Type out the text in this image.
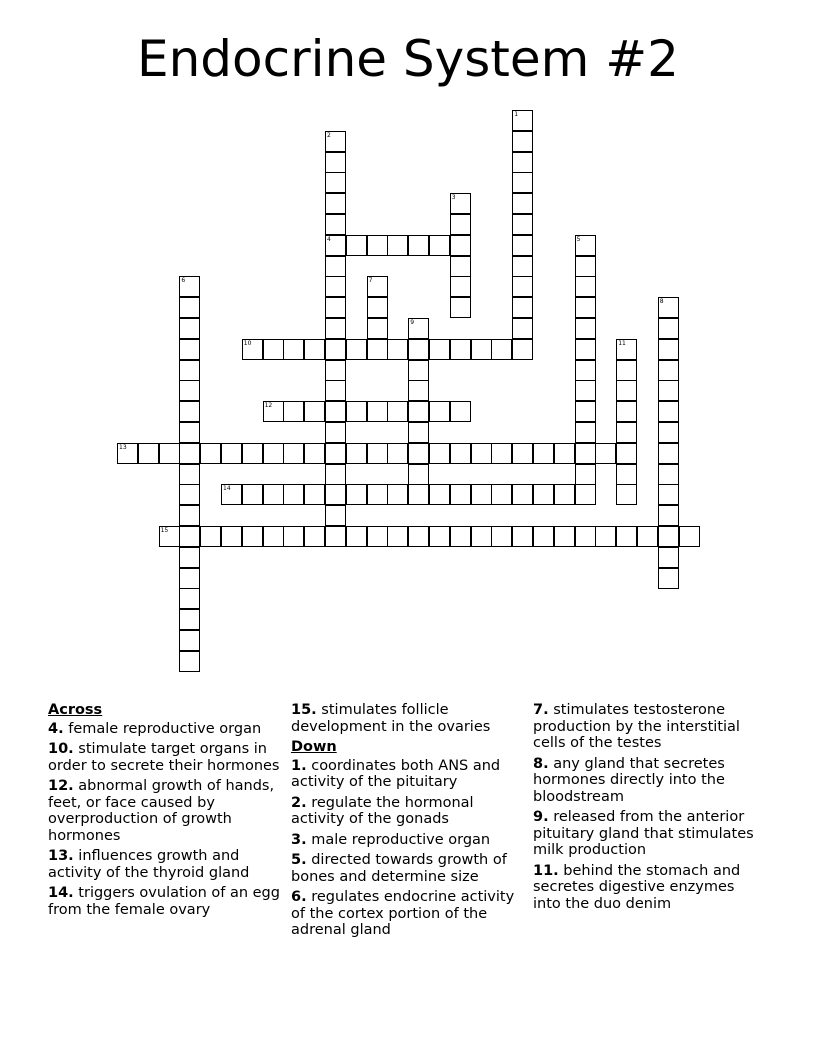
Endocrine System #2
1
2
3
4	5
6	7
8
9
10	11
12
13
14
15
Across
4. female reproductive organ
10. stimulate target organs in order to secrete their hormones
12. abnormal growth of hands, feet, or face caused by overproduction of growth hormones
13. influences growth and activity of the thyroid gland
14. triggers ovulation of an egg from the female ovary
15. stimulates follicle development in the ovaries
Down
1. coordinates both ANS and activity of the pituitary
2. regulate the hormonal activity of the gonads
3. male reproductive organ
5. directed towards growth of bones and determine size
6. regulates endocrine activity of the cortex portion of the adrenal gland
7. stimulates testosterone production by the interstitial cells of the testes
8. any gland that secretes hormones directly into the bloodstream
9. released from the anterior pituitary gland that stimulates milk production
11. behind the stomach and secretes digestive enzymes into the duo denim
